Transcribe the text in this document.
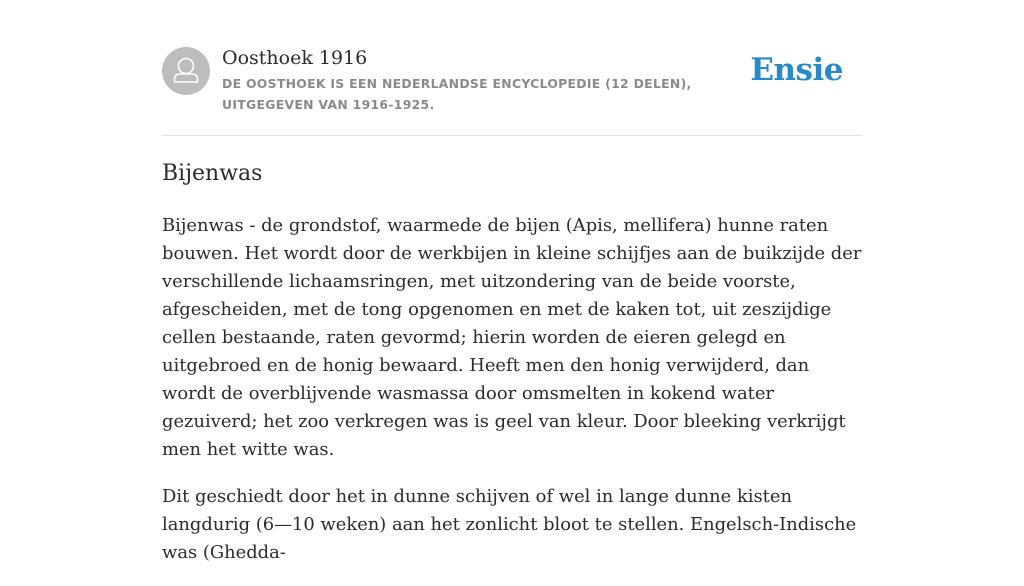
Oosthoek 1916
DE OOSTHOEK IS EEN NEDERLANDSE ENCYCLOPEDIE (12 DELEN), UITGEGEVEN VAN 1916-1925.
Ensie
Bijenwas

Bijenwas - de grondstof, waarmede de bijen (Apis, mellifera) hunne raten bouwen. Het wordt door de werkbijen in kleine schijfjes aan de buikzijde der verschillende lichaamsringen, met uitzondering van de beide voorste, afgescheiden, met de tong opgenomen en met de kaken tot, uit zeszijdige cellen bestaande, raten gevormd; hierin worden de eieren gelegd en uitgebroed en de honig bewaard. Heeft men den honig verwijderd, dan wordt de overblijvende wasmassa door omsmelten in kokend water gezuiverd; het zoo verkregen was is geel van kleur. Door bleeking verkrijgt men het witte was.

Dit geschiedt door het in dunne schijven of wel in lange dunne kisten langdurig (6—10 weken) aan het zonlicht bloot te stellen. Engelsch-Indische was (Ghedda-
